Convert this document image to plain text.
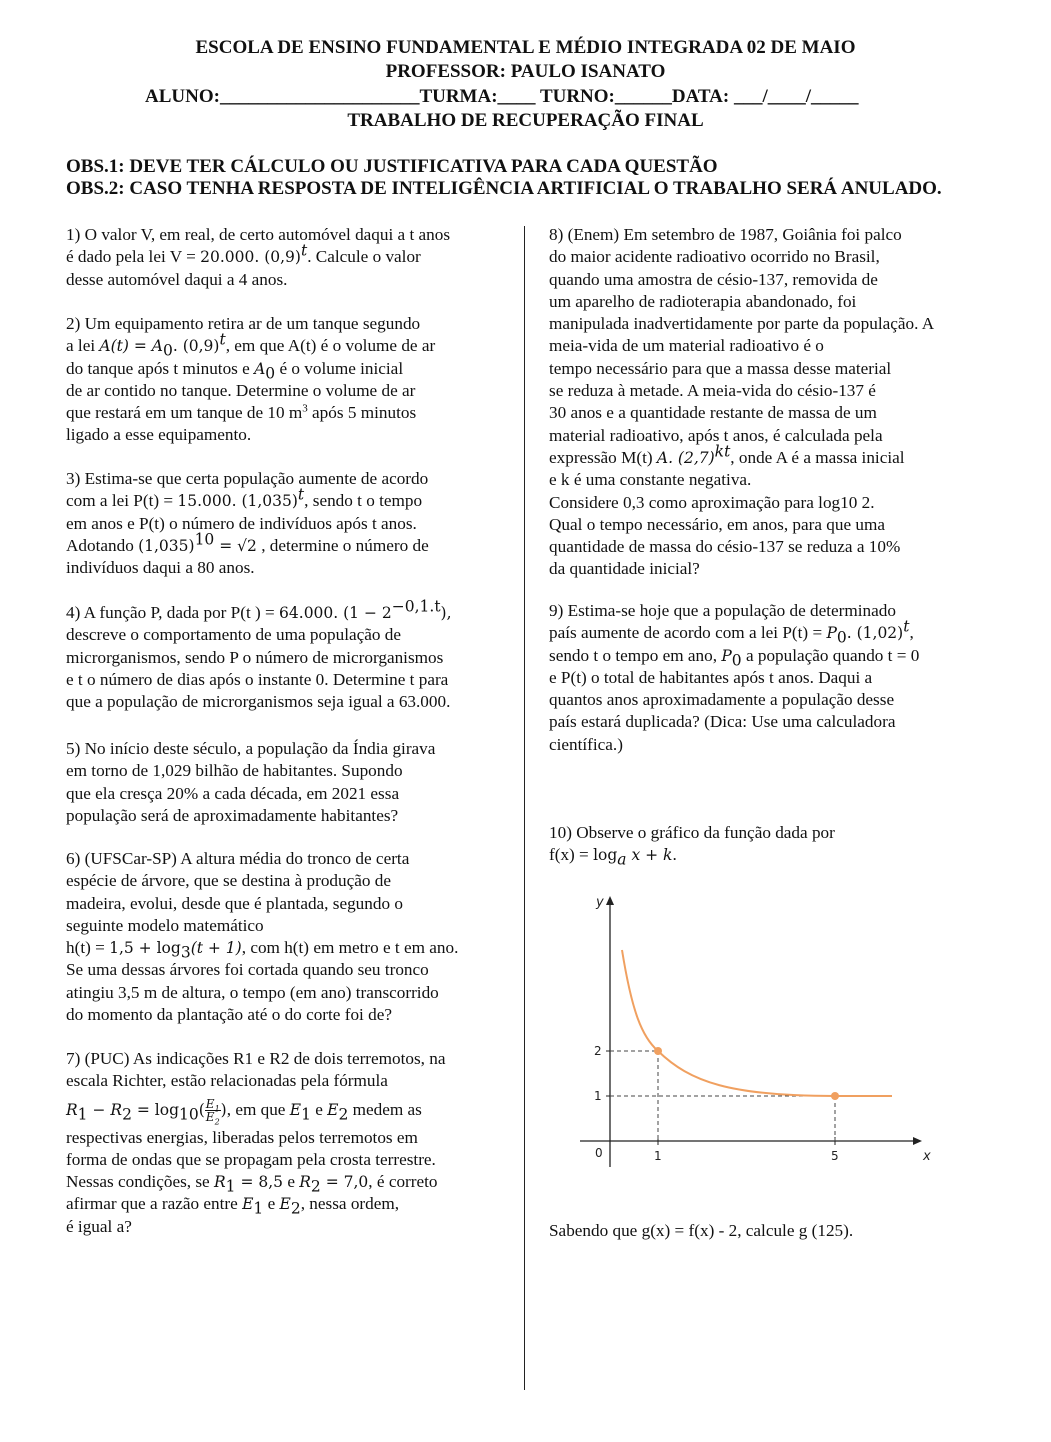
ESCOLA DE ENSINO FUNDAMENTAL E MÉDIO INTEGRADA 02 DE MAIO
PROFESSOR: PAULO ISANATO
ALUNO:_____________________TURMA:____ TURNO:______DATA: ___/____/_____
TRABALHO DE RECUPERAÇÃO FINAL
OBS.1: DEVE TER CÁLCULO OU JUSTIFICATIVA PARA CADA QUESTÃO
OBS.2: CASO TENHA RESPOSTA DE INTELIGÊNCIA ARTIFICIAL O TRABALHO SERÁ ANULADO.
1) O valor V, em real, de certo automóvel daqui a t anos
é dado pela lei V = 20.000. $(0,9)^t$. Calcule o valor
desse automóvel daqui a 4 anos.
2) Um equipamento retira ar de um tanque segundo
a lei $A(t) = A_0$. $(0,9)^t$, em que A(t) é o volume de ar
do tanque após t minutos e $A_0$ é o volume inicial
de ar contido no tanque. Determine o volume de ar
que restará em um tanque de 10 $m^3$ após 5 minutos
ligado a esse equipamento.
3) Estima-se que certa população aumente de acordo
com a lei P(t) = 15.000. $(1,035)^t$, sendo t o tempo
em anos e P(t) o número de indivíduos após t anos.
Adotando $(1,035)^{10} = √2$ , determine o número de
indivíduos daqui a 80 anos.
4) A função P, dada por P(t ) = 64.000. $(1 - 2^{-0,1.t})$,
descreve o comportamento de uma população de
microrganismos, sendo P o número de microrganismos
e t o número de dias após o instante 0. Determine t para
que a população de microrganismos seja igual a 63.000.
5) No início deste século, a população da Índia girava
em torno de 1,029 bilhão de habitantes. Supondo
que ela cresça 20% a cada década, em 2021 essa
população será de aproximadamente habitantes?
6) (UFSCar-SP) A altura média do tronco de certa
espécie de árvore, que se destina à produção de
madeira, evolui, desde que é plantada, segundo o
seguinte modelo matemático
$h(t) = 1,5 + \log_3(t + 1)$, com h(t) em metro e t em ano.
Se uma dessas árvores foi cortada quando seu tronco
atingiu 3,5 m de altura, o tempo (em ano) transcorrido
do momento da plantação até o do corte foi de?
7) (PUC) As indicações R1 e R2 de dois terremotos, na
escala Richter, estão relacionadas pela fórmula
$R_1 - R_2 = \log_{10}( \frac{E_1}{E_2}$ ), em que $E_1$ e $E_2$ medem as
respectivas energias, liberadas pelos terremotos em
forma de ondas que se propagam pela crosta terrestre.
Nessas condições, se $R_1 = 8,5$ e $R_2 = 7,0$, é correto
afirmar que a razão entre $E_1$ e $E_2$, nessa ordem,
é igual a?
8) (Enem) Em setembro de 1987, Goiânia foi palco
do maior acidente radioativo ocorrido no Brasil,
quando uma amostra de césio-137, removida de
um aparelho de radioterapia abandonado, foi
manipulada inadvertidamente por parte da população. A
meia-vida de um material radioativo é o
tempo necessário para que a massa desse material
se reduza à metade. A meia-vida do césio-137 é
30 anos e a quantidade restante de massa de um
material radioativo, após t anos, é calculada pela
expressão M(t) A. $(2,7)^{kt}$, onde A é a massa inicial
e k é uma constante negativa.
Considere 0,3 como aproximação para log10 2.
Qual o tempo necessário, em anos, para que uma
quantidade de massa do césio-137 se reduza a 10%
da quantidade inicial?
9) Estima-se hoje que a população de determinado
país aumente de acordo com a lei $P(t) = P_0$. $(1,02)^t$,
sendo t o tempo em ano, $P_0$ a população quando t = 0
e P(t) o total de habitantes após t anos. Daqui a
quantos anos aproximadamente a população desse
país estará duplicada? (Dica: Use uma calculadora
científica.)
10) Observe o gráfico da função dada por
$f(x) = \log_a x + k$.
x
y
0	1	5
1
2
Sabendo que g(x) = f(x) - 2, calcule g (125).
